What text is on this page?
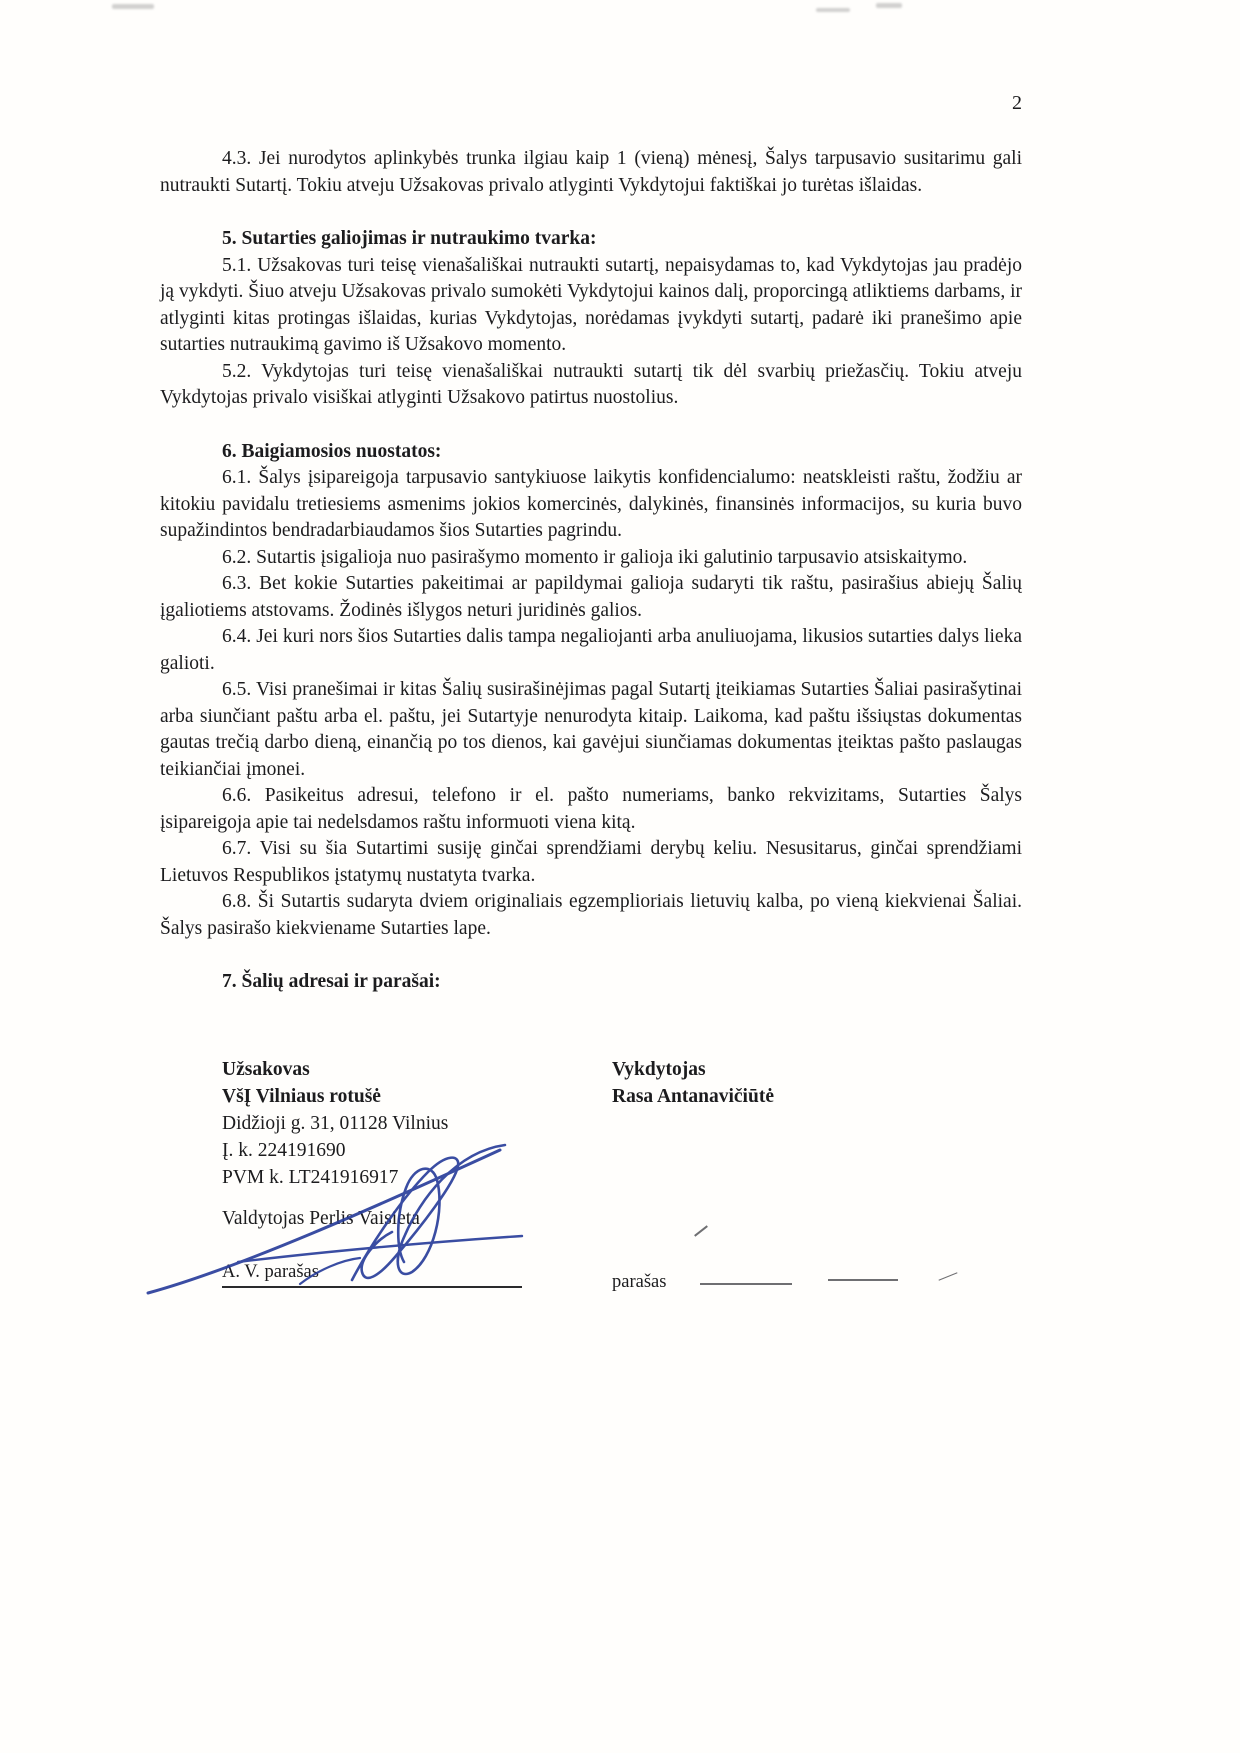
2

4.3. Jei nurodytos aplinkybės trunka ilgiau kaip 1 (vieną) mėnesį, Šalys tarpusavio susitarimu gali nutraukti Sutartį. Tokiu atveju Užsakovas privalo atlyginti Vykdytojui faktiškai jo turėtas išlaidas.

5. Sutarties galiojimas ir nutraukimo tvarka:

5.1. Užsakovas turi teisę vienašališkai nutraukti sutartį, nepaisydamas to, kad Vykdytojas jau pradėjo ją vykdyti. Šiuo atveju Užsakovas privalo sumokėti Vykdytojui kainos dalį, proporcingą atliktiems darbams, ir atlyginti kitas protingas išlaidas, kurias Vykdytojas, norėdamas įvykdyti sutartį, padarė iki pranešimo apie sutarties nutraukimą gavimo iš Užsakovo momento.

5.2. Vykdytojas turi teisę vienašališkai nutraukti sutartį tik dėl svarbių priežasčių. Tokiu atveju Vykdytojas privalo visiškai atlyginti Užsakovo patirtus nuostolius.

6. Baigiamosios nuostatos:

6.1. Šalys įsipareigoja tarpusavio santykiuose laikytis konfidencialumo: neatskleisti raštu, žodžiu ar kitokiu pavidalu tretiesiems asmenims jokios komercinės, dalykinės, finansinės informacijos, su kuria buvo supažindintos bendradarbiaudamos šios Sutarties pagrindu.

6.2. Sutartis įsigalioja nuo pasirašymo momento ir galioja iki galutinio tarpusavio atsiskaitymo.

6.3. Bet kokie Sutarties pakeitimai ar papildymai galioja sudaryti tik raštu, pasirašius abiejų Šalių įgaliotiems atstovams. Žodinės išlygos neturi juridinės galios.

6.4. Jei kuri nors šios Sutarties dalis tampa negaliojanti arba anuliuojama, likusios sutarties dalys lieka galioti.

6.5. Visi pranešimai ir kitas Šalių susirašinėjimas pagal Sutartį įteikiamas Sutarties Šaliai pasirašytinai arba siunčiant paštu arba el. paštu, jei Sutartyje nenurodyta kitaip. Laikoma, kad paštu išsiųstas dokumentas gautas trečią darbo dieną, einančią po tos dienos, kai gavėjui siunčiamas dokumentas įteiktas pašto paslaugas teikiančiai įmonei.

6.6. Pasikeitus adresui, telefono ir el. pašto numeriams, banko rekvizitams, Sutarties Šalys įsipareigoja apie tai nedelsdamos raštu informuoti viena kitą.

6.7. Visi su šia Sutartimi susiję ginčai sprendžiami derybų keliu. Nesusitarus, ginčai sprendžiami Lietuvos Respublikos įstatymų nustatyta tvarka.

6.8. Ši Sutartis sudaryta dviem originaliais egzemplioriais lietuvių kalba, po vieną kiekvienai Šaliai. Šalys pasirašo kiekviename Sutarties lape.

7. Šalių adresai ir parašai:

Užsakovas
VšĮ Vilniaus rotušė
Didžioji g. 31, 01128 Vilnius
Į. k. 224191690
PVM k. LT241916917
Valdytojas Perlis Vaisieta
A. V. parašas
Vykdytojas
Rasa Antanavičiūtė
parašas
